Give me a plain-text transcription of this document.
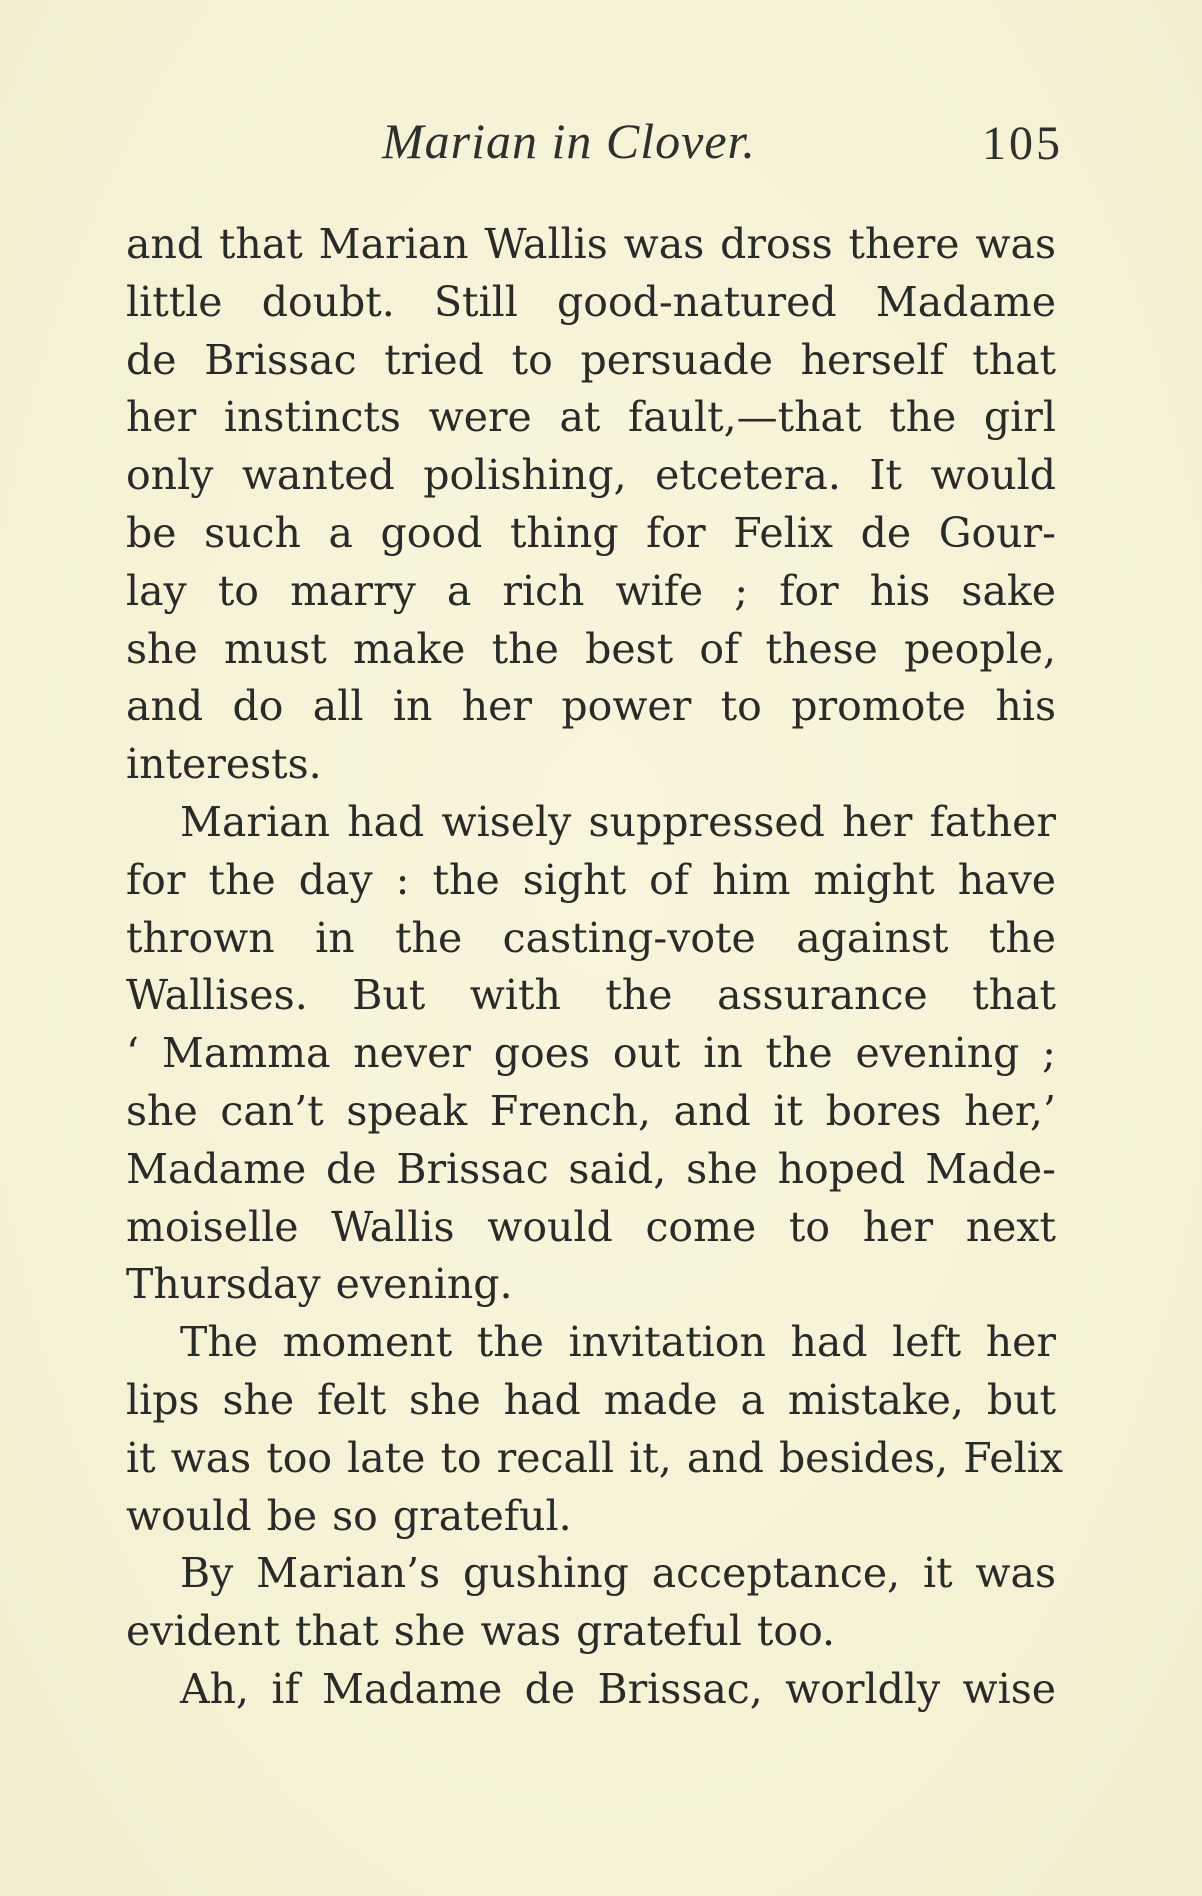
Marian in Clover.	105
and that Marian Wallis was dross there was
little doubt. Still good-natured Madame
de Brissac tried to persuade herself that
her instincts were at fault,—that the girl
only wanted polishing, etcetera. It would
be such a good thing for Felix de Gour-
lay to marry a rich wife ; for his sake
she must make the best of these people,
and do all in her power to promote his
interests.
Marian had wisely suppressed her father
for the day : the sight of him might have
thrown in the casting-vote against the
Wallises. But with the assurance that
‘ Mamma never goes out in the evening ;
she can’t speak French, and it bores her,’
Madame de Brissac said, she hoped Made-
moiselle Wallis would come to her next
Thursday evening.
The moment the invitation had left her
lips she felt she had made a mistake, but
it was too late to recall it, and besides, Felix
would be so grateful.
By Marian’s gushing acceptance, it was
evident that she was grateful too.
Ah, if Madame de Brissac, worldly wise
